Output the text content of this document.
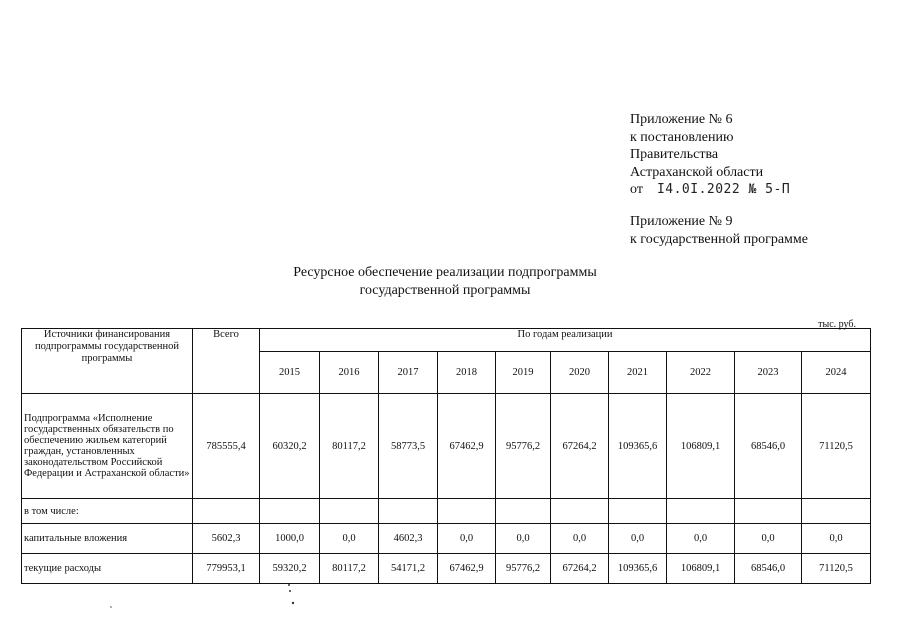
Приложение № 6
к постановлению
Правительства
Астраханской области
от I4.0I.2022 № 5-П
Приложение № 9
к государственной программе
Ресурсное обеспечение реализации подпрограммы
государственной программы
тыс. руб.
Источники финансирования подпрограммы государственной программы	Всего	По годам реализации									
		2015	2016	2017	2018	2019	2020	2021	2022	2023	2024
Подпрограмма «Исполнение государственных обязательств по обеспечению жильем категорий граждан, установленных законодательством Российской Федерации и Астраханской области»	785555,4	60320,2	80117,2	58773,5	67462,9	95776,2	67264,2	109365,6	106809,1	68546,0	71120,5
в том числе:											
капитальные вложения	5602,3	1000,0	0,0	4602,3	0,0	0,0	0,0	0,0	0,0	0,0	0,0
текущие расходы	779953,1	59320,2	80117,2	54171,2	67462,9	95776,2	67264,2	109365,6	106809,1	68546,0	71120,5
